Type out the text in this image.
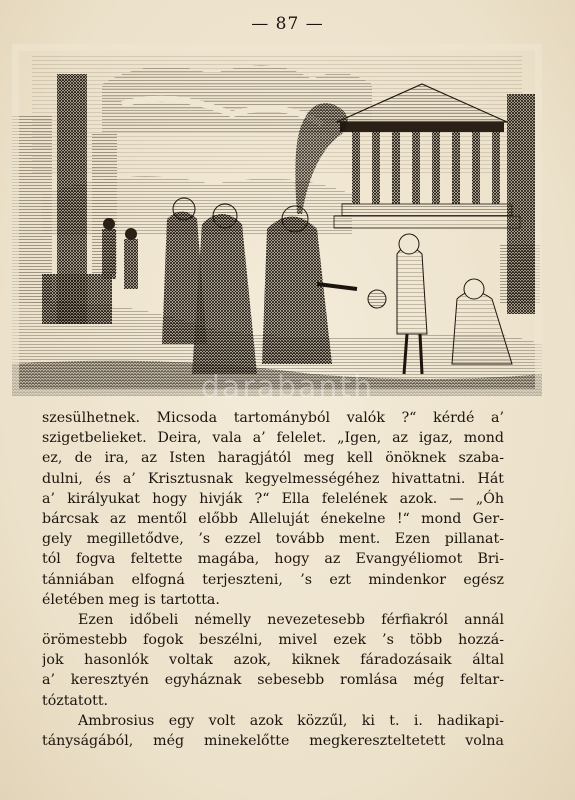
— 87 —
darabanth
szesülhetnek. Micsoda tartományból valók ?“ kérdé a’
szigetbelieket. Deira, vala a’ felelet. „Igen, az igaz, mond
ez, de ira, az Isten haragjától meg kell önöknek szaba-
dulni, és a’ Krisztusnak kegyelmességéhez hivattatni. Hát
a’ királyukat hogy hivják ?“ Ella felelének azok. — „Óh
bárcsak az mentől előbb Alleluját énekelne !“ mond Ger-
gely megilletődve, ’s ezzel tovább ment. Ezen pillanat-
tól fogva feltette magába, hogy az Evangyéliomot Bri-
tánniában elfogná terjeszteni, ’s ezt mindenkor egész
életében meg is tartotta.
Ezen időbeli némelly nevezetesebb férfiakról annál
örömestebb fogok beszélni, mivel ezek ’s több hozzá-
jok hasonlók voltak azok, kiknek fáradozásaik által
a’ keresztyén egyháznak sebesebb romlása még feltar-
tóztatott.
Ambrosius egy volt azok közzűl, ki t. i. hadikapi-
tányságából, még minekelőtte megkereszteltetett volna
